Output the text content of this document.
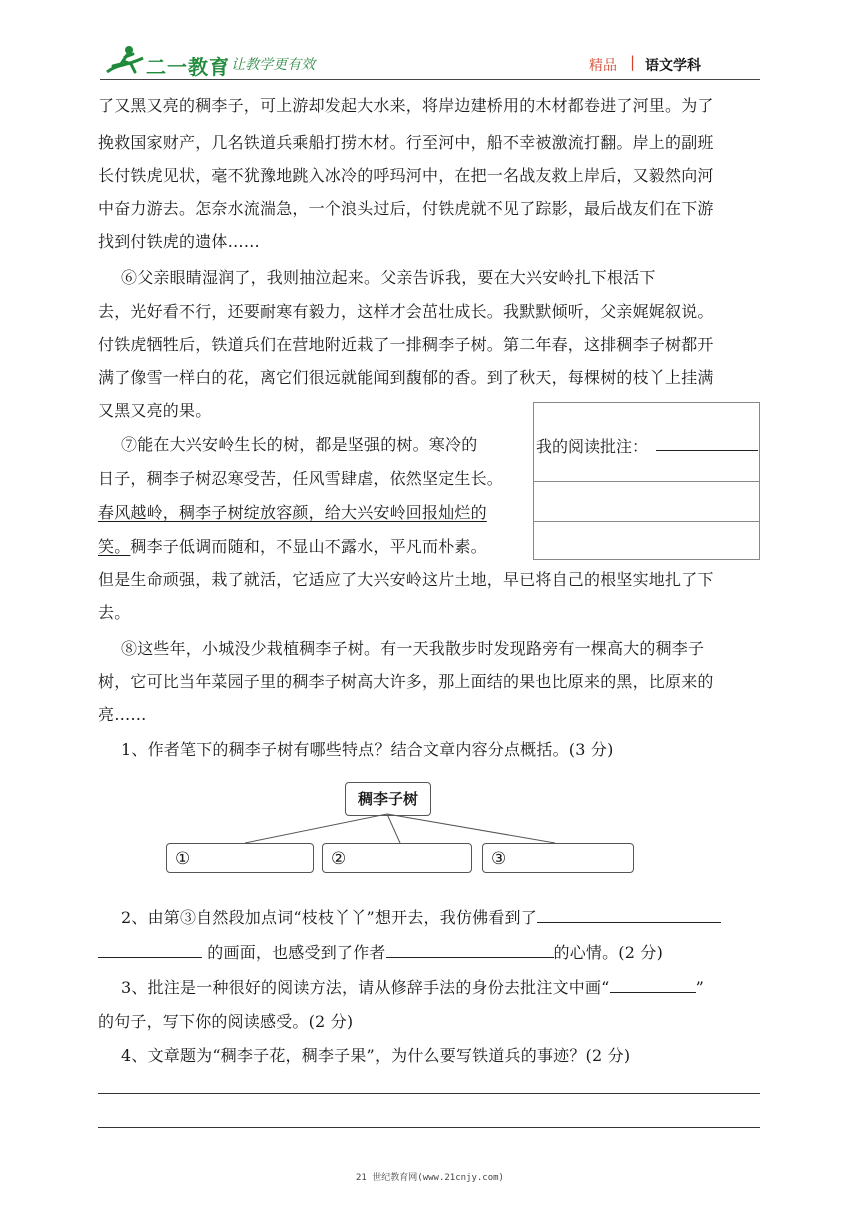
二一教育
/ 让教学更有效	精品 | 语文学科
了又黑又亮的稠李子，可上游却发起大水来，将岸边建桥用的木材都卷进了河里。为了
挽救国家财产，几名铁道兵乘船打捞木材。行至河中，船不幸被激流打翻。岸上的副班
长付铁虎见状，毫不犹豫地跳入冰冷的呼玛河中，在把一名战友救上岸后，又毅然向河
中奋力游去。怎奈水流湍急，一个浪头过后，付铁虎就不见了踪影，最后战友们在下游
找到付铁虎的遗体……
⑥父亲眼睛湿润了，我则抽泣起来。父亲告诉我，要在大兴安岭扎下根活下
去，光好看不行，还要耐寒有毅力，这样才会茁壮成长。我默默倾听，父亲娓娓叙说。
付铁虎牺牲后，铁道兵们在营地附近栽了一排稠李子树。第二年春，这排稠李子树都开
满了像雪一样白的花，离它们很远就能闻到馥郁的香。到了秋天，每棵树的枝丫上挂满
又黑又亮的果。
我的阅读批注：
⑦能在大兴安岭生长的树，都是坚强的树。寒冷的
日子，稠李子树忍寒受苦，任风雪肆虐，依然坚定生长。
春风越岭，稠李子树绽放容颜，给大兴安岭回报灿烂的
笑。稠李子低调而随和，不显山不露水，平凡而朴素。
但是生命顽强，栽了就活，它适应了大兴安岭这片土地，早已将自己的根坚实地扎了下
去。
⑧这些年，小城没少栽植稠李子树。有一天我散步时发现路旁有一棵高大的稠李子
树，它可比当年菜园子里的稠李子树高大许多，那上面结的果也比原来的黑，比原来的
亮……
1、作者笔下的稠李子树有哪些特点？结合文章内容分点概括。(3 分)
稠李子树
①	②	③
2、由第③自然段加点词“枝枝丫丫”想开去，我仿佛看到了
的画面，也感受到了作者	的心情。(2 分)
3、批注是一种很好的阅读方法，请从修辞手法的身份去批注文中画“	”
的句子，写下你的阅读感受。(2 分)
4、文章题为“稠李子花，稠李子果”，为什么要写铁道兵的事迹？(2 分)
21 世纪教育网(www.21cnjy.com)
